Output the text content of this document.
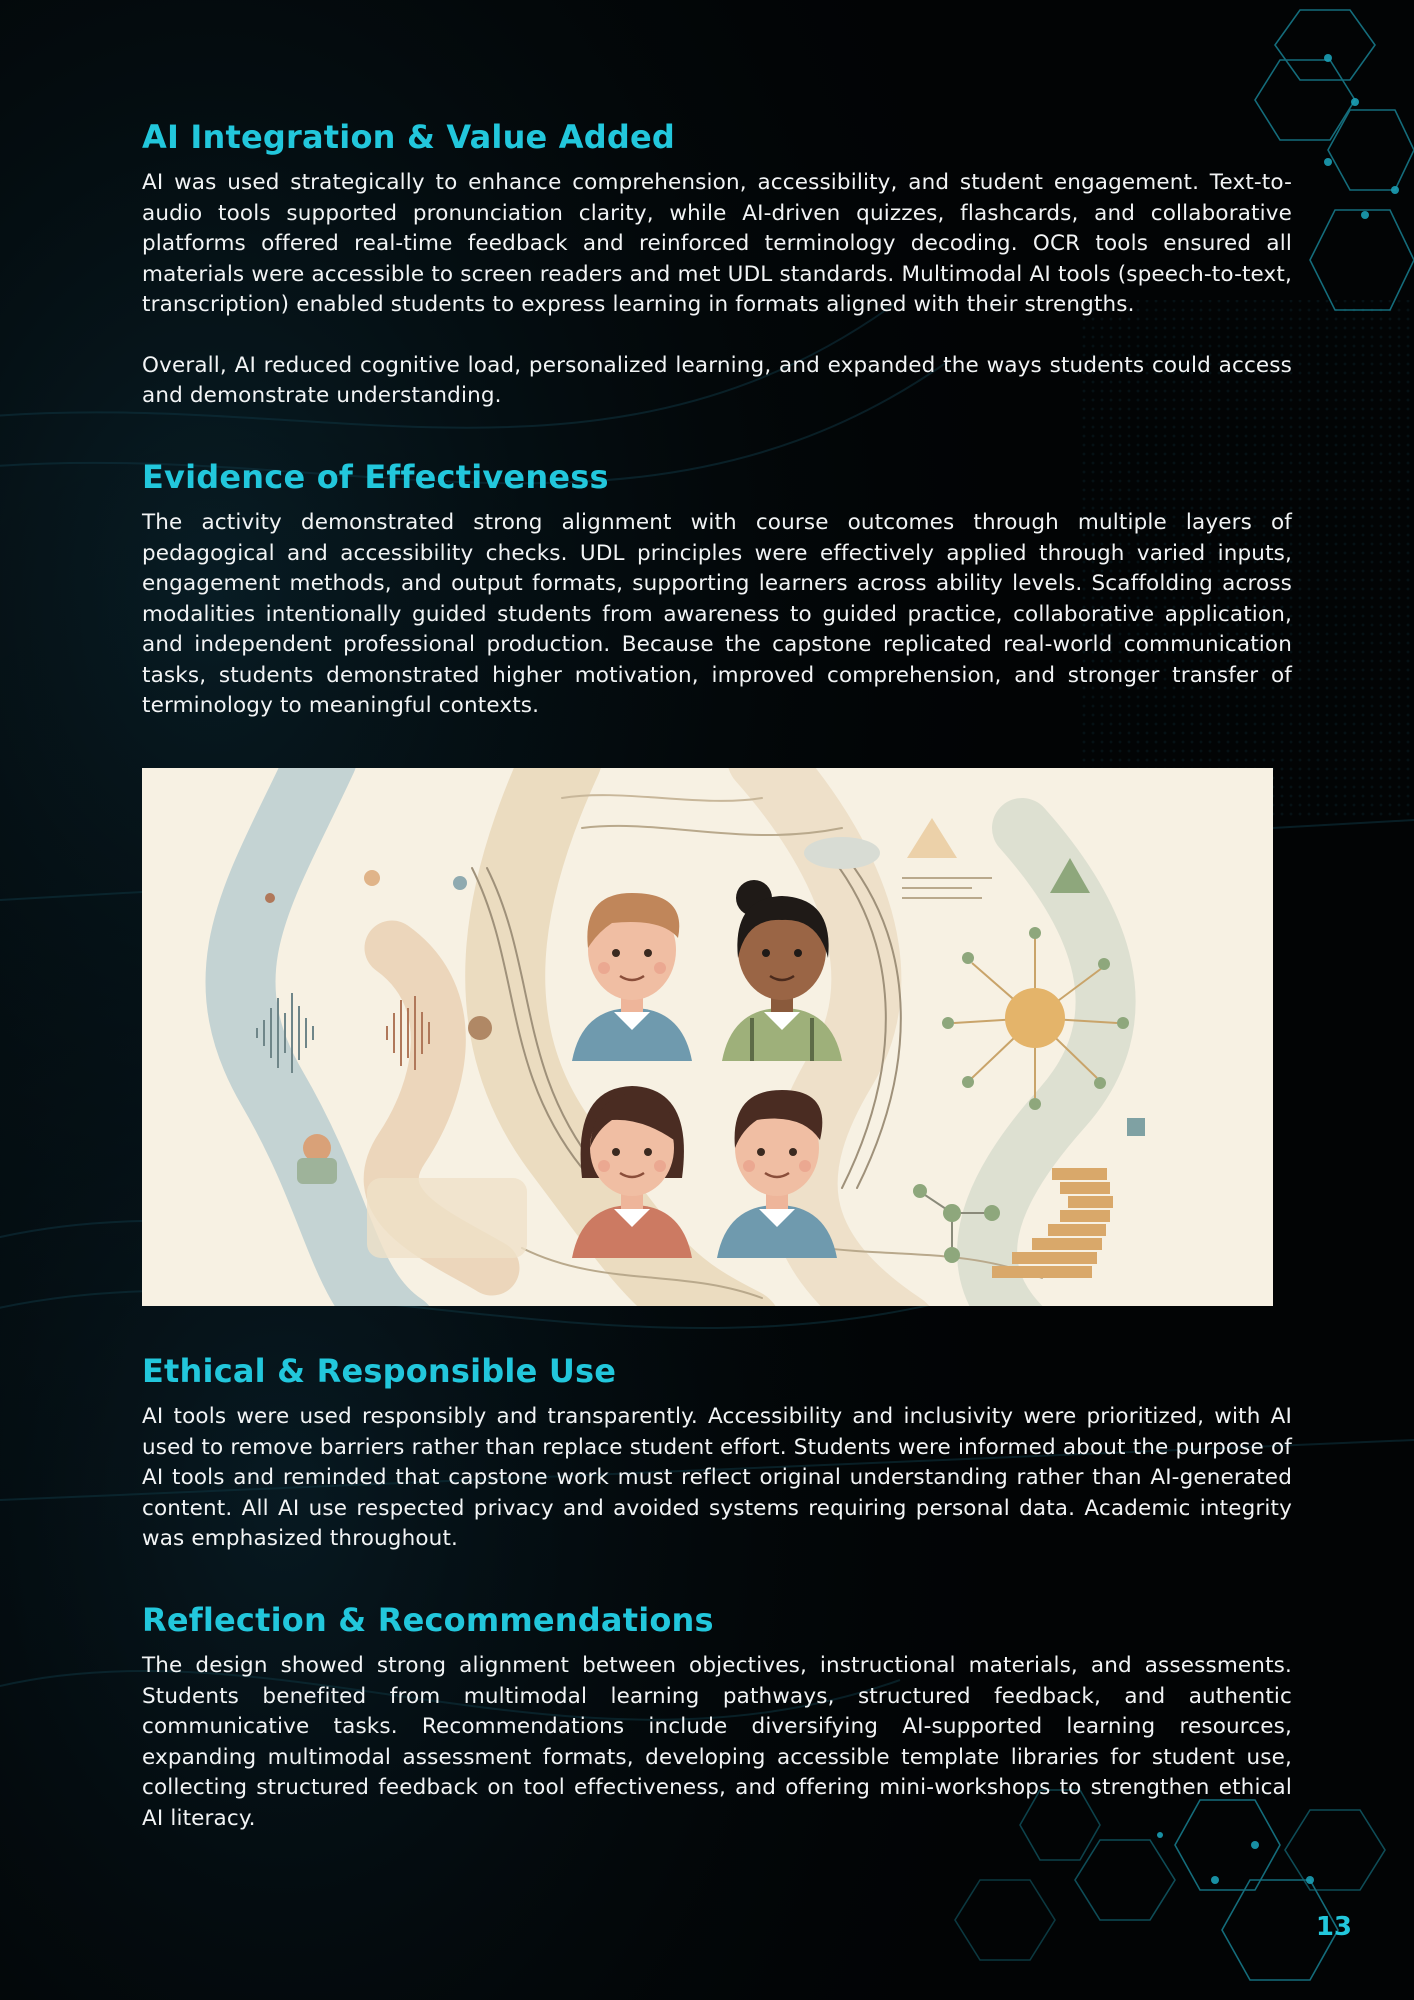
AI Integration & Value Added

AI was used strategically to enhance comprehension, accessibility, and student engagement. Text-to-audio tools supported pronunciation clarity, while AI-driven quizzes, flashcards, and collaborative platforms offered real-time feedback and reinforced terminology decoding. OCR tools ensured all materials were accessible to screen readers and met UDL standards. Multimodal AI tools (speech-to-text, transcription) enabled students to express learning in formats aligned with their strengths.

Overall, AI reduced cognitive load, personalized learning, and expanded the ways students could access and demonstrate understanding.

Evidence of Effectiveness

The activity demonstrated strong alignment with course outcomes through multiple layers of pedagogical and accessibility checks. UDL principles were effectively applied through varied inputs, engagement methods, and output formats, supporting learners across ability levels. Scaffolding across modalities intentionally guided students from awareness to guided practice, collaborative application, and independent professional production. Because the capstone replicated real-world communication tasks, students demonstrated higher motivation, improved comprehension, and stronger transfer of terminology to meaningful contexts.

Ethical & Responsible Use

AI tools were used responsibly and transparently. Accessibility and inclusivity were prioritized, with AI used to remove barriers rather than replace student effort. Students were informed about the purpose of AI tools and reminded that capstone work must reflect original understanding rather than AI-generated content. All AI use respected privacy and avoided systems requiring personal data. Academic integrity was emphasized throughout.

Reflection & Recommendations

The design showed strong alignment between objectives, instructional materials, and assessments. Students benefited from multimodal learning pathways, structured feedback, and authentic communicative tasks. Recommendations include diversifying AI-supported learning resources, expanding multimodal assessment formats, developing accessible template libraries for student use, collecting structured feedback on tool effectiveness, and offering mini-workshops to strengthen ethical AI literacy.

13
